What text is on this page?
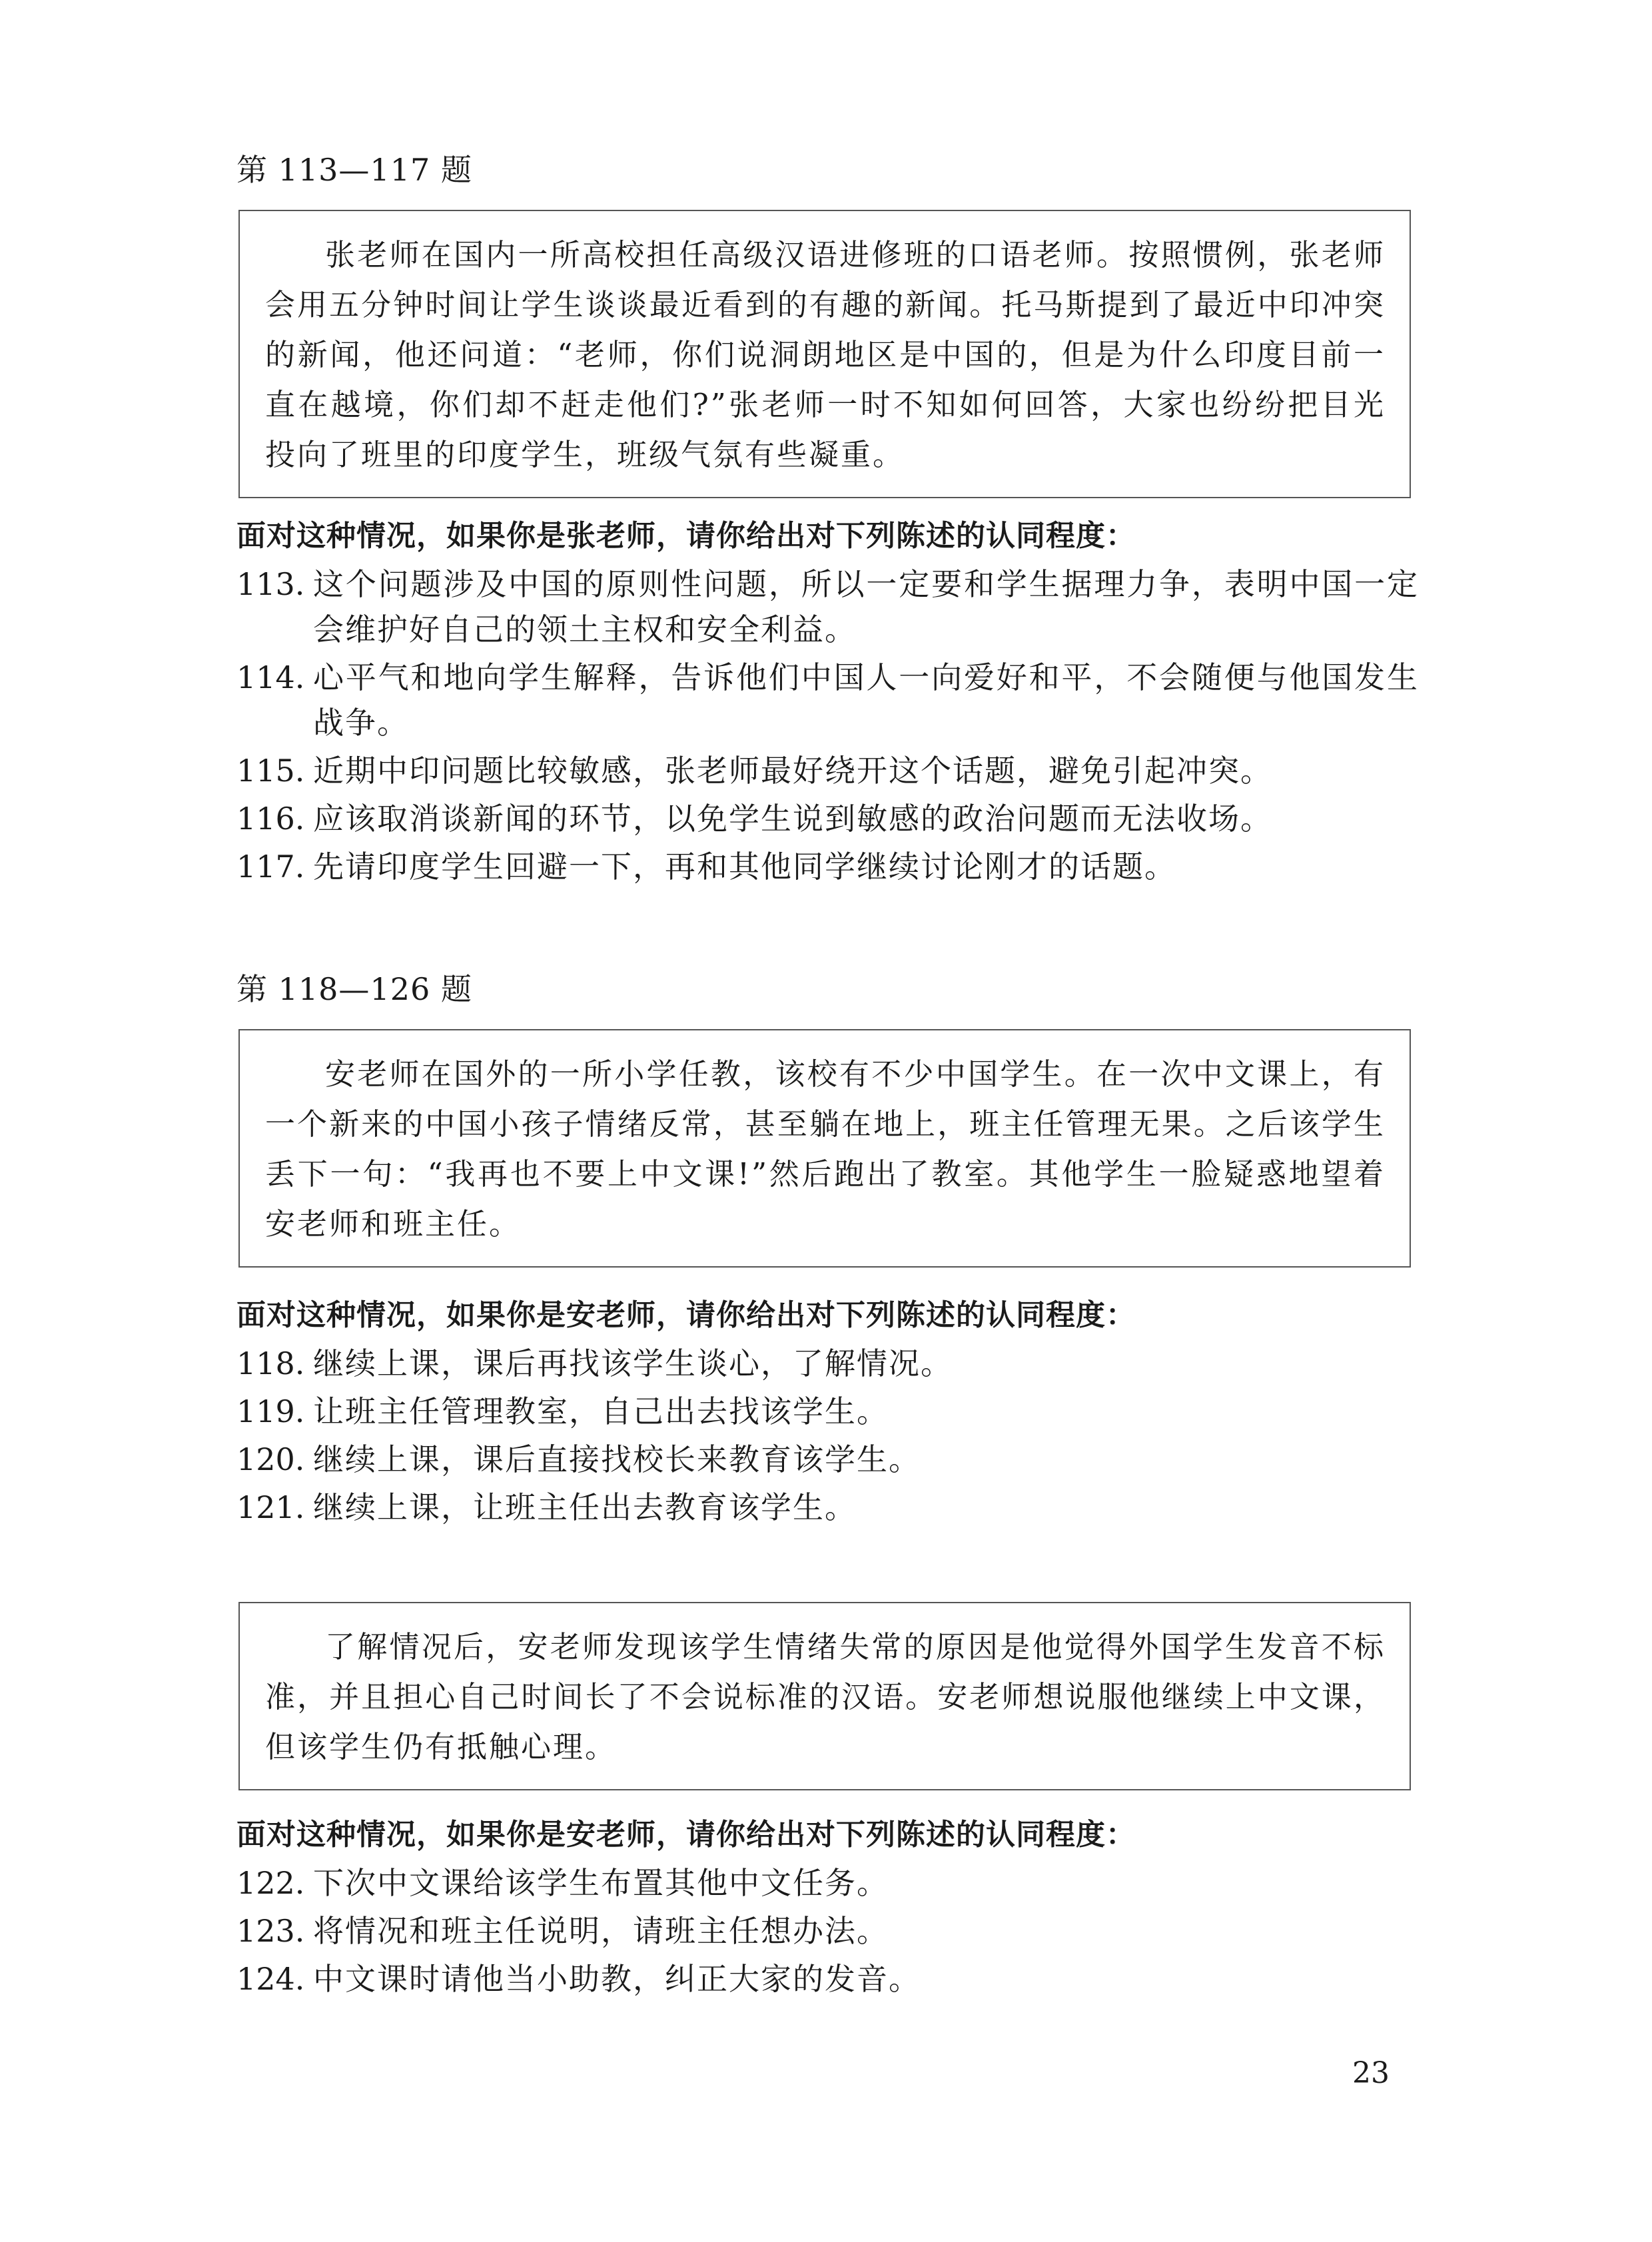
第 113—117 题

张老师在国内一所高校担任高级汉语进修班的口语老师。按照惯例，张老师会用五分钟时间让学生谈谈最近看到的有趣的新闻。托马斯提到了最近中印冲突的新闻，他还问道：“老师，你们说洞朗地区是中国的，但是为什么印度目前一直在越境，你们却不赶走他们?”张老师一时不知如何回答，大家也纷纷把目光投向了班里的印度学生，班级气氛有些凝重。

面对这种情况，如果你是张老师，请你给出对下列陈述的认同程度：
113. 这个问题涉及中国的原则性问题，所以一定要和学生据理力争，表明中国一定会维护好自己的领土主权和安全利益。
114. 心平气和地向学生解释，告诉他们中国人一向爱好和平，不会随便与他国发生战争。
115. 近期中印问题比较敏感，张老师最好绕开这个话题，避免引起冲突。
116. 应该取消谈新闻的环节，以免学生说到敏感的政治问题而无法收场。
117. 先请印度学生回避一下，再和其他同学继续讨论刚才的话题。
第 118—126 题

安老师在国外的一所小学任教，该校有不少中国学生。在一次中文课上，有一个新来的中国小孩子情绪反常，甚至躺在地上，班主任管理无果。之后该学生丢下一句：“我再也不要上中文课!”然后跑出了教室。其他学生一脸疑惑地望着安老师和班主任。

面对这种情况，如果你是安老师，请你给出对下列陈述的认同程度：
118. 继续上课，课后再找该学生谈心，了解情况。
119. 让班主任管理教室，自己出去找该学生。
120. 继续上课，课后直接找校长来教育该学生。
121. 继续上课，让班主任出去教育该学生。

了解情况后，安老师发现该学生情绪失常的原因是他觉得外国学生发音不标准，并且担心自己时间长了不会说标准的汉语。安老师想说服他继续上中文课，但该学生仍有抵触心理。

面对这种情况，如果你是安老师，请你给出对下列陈述的认同程度：
122. 下次中文课给该学生布置其他中文任务。
123. 将情况和班主任说明，请班主任想办法。
124. 中文课时请他当小助教，纠正大家的发音。
23
